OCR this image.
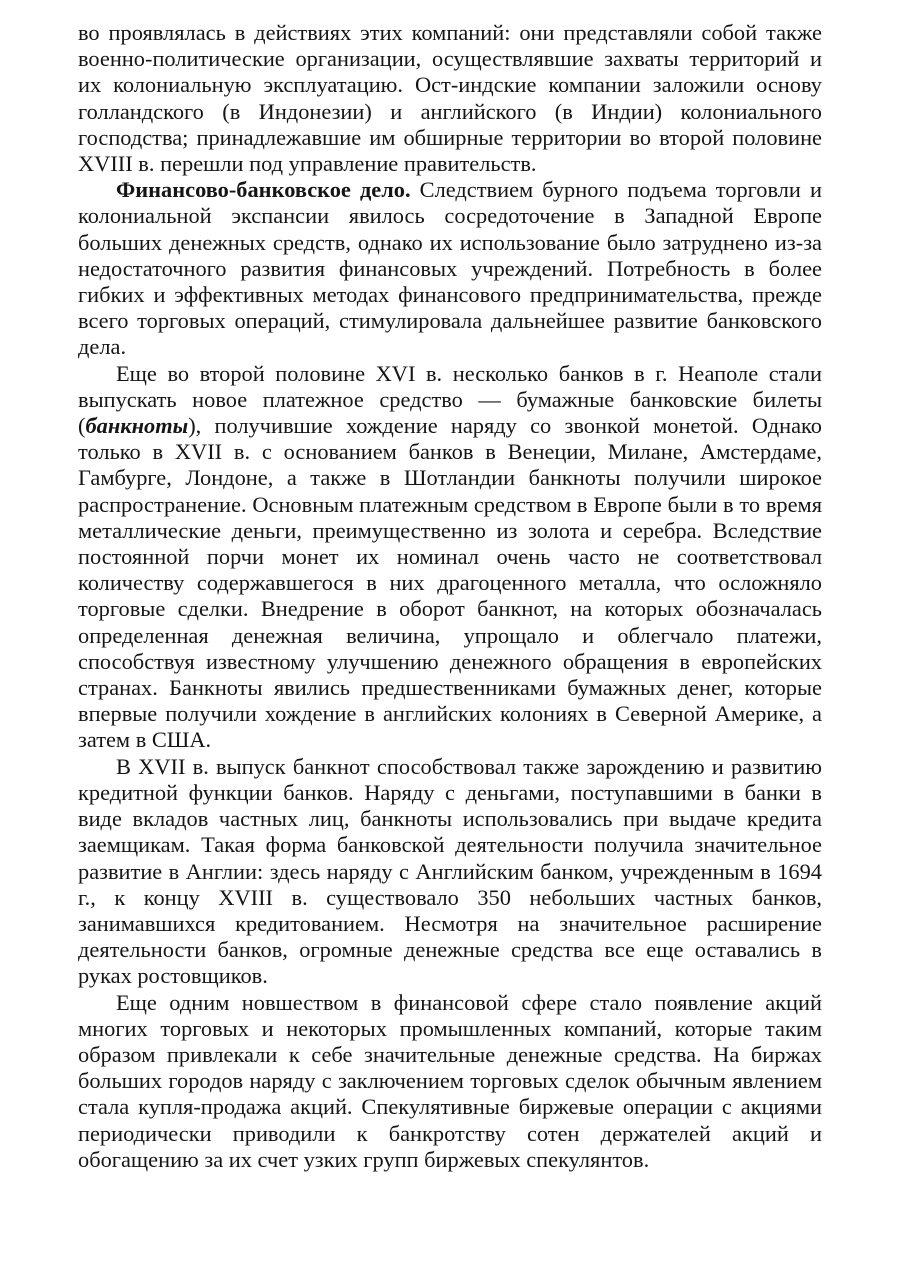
во проявлялась в действиях этих компаний: они представляли собой также военно-политические организации, осуществлявшие захваты территорий и их колониальную эксплуатацию. Ост-индские компании заложили основу голландского (в Индонезии) и английского (в Индии) колониального господства; принадлежавшие им обширные территории во второй половине XVIII в. перешли под управление правительств.

Финансово-банковское дело. Следствием бурного подъема торговли и колониальной экспансии явилось сосредоточение в Западной Европе больших денежных средств, однако их использование было затруднено из-за недостаточного развития финансовых учреждений. Потребность в более гибких и эффективных методах финансового предпринимательства, прежде всего торговых операций, стимулировала дальнейшее развитие банковского дела.

Еще во второй половине XVI в. несколько банков в г. Неаполе стали выпускать новое платежное средство — бумажные банковские билеты (банкноты), получившие хождение наряду со звонкой монетой. Однако только в XVII в. с основанием банков в Венеции, Милане, Амстердаме, Гамбурге, Лондоне, а также в Шотландии банкноты получили широкое распространение. Основным платежным средством в Европе были в то время металлические деньги, преимущественно из золота и серебра. Вследствие постоянной порчи монет их номинал очень часто не соответствовал количеству содержавшегося в них драгоценного металла, что осложняло торговые сделки. Внедрение в оборот банкнот, на которых обозначалась определенная денежная величина, упрощало и облегчало платежи, способствуя известному улучшению денежного обращения в европейских странах. Банкноты явились предшественниками бумажных денег, которые впервые получили хождение в английских колониях в Северной Америке, а затем в США.

В XVII в. выпуск банкнот способствовал также зарождению и развитию кредитной функции банков. Наряду с деньгами, поступавшими в банки в виде вкладов частных лиц, банкноты использовались при выдаче кредита заемщикам. Такая форма банковской деятельности получила значительное развитие в Англии: здесь наряду с Английским банком, учрежденным в 1694 г., к концу XVIII в. существовало 350 небольших частных банков, занимавшихся кредитованием. Несмотря на значительное расширение деятельности банков, огромные денежные средства все еще оставались в руках ростовщиков.

Еще одним новшеством в финансовой сфере стало появление акций многих торговых и некоторых промышленных компаний, которые таким образом привлекали к себе значительные денежные средства. На биржах больших городов наряду с заключением торговых сделок обычным явлением стала купля-продажа акций. Спекулятивные биржевые операции с акциями периодически приводили к банкротству сотен держателей акций и обогащению за их счет узких групп биржевых спекулянтов.
